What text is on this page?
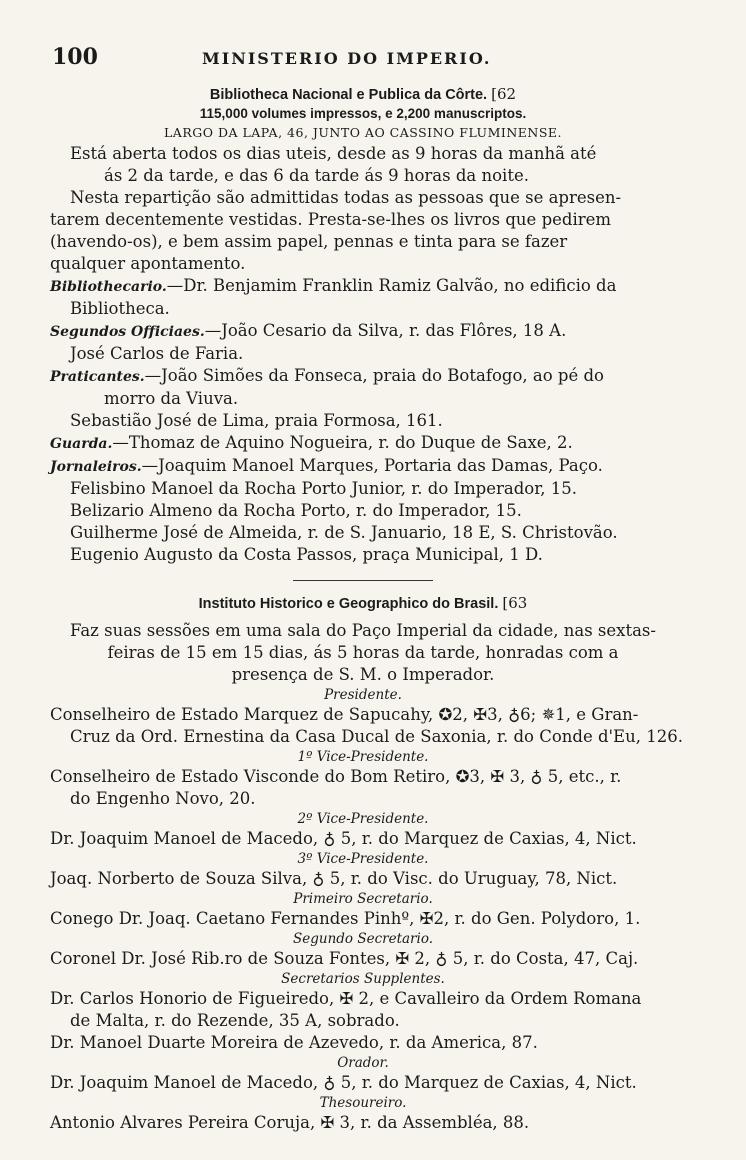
100	MINISTERIO DO IMPERIO.
Bibliotheca Nacional e Publica da Côrte. [62
115,000 volumes impressos, e 2,200 manuscriptos.
LARGO DA LAPA, 46, JUNTO AO CASSINO FLUMINENSE.
Está aberta todos os dias uteis, desde as 9 horas da manhã até
ás 2 da tarde, e das 6 da tarde ás 9 horas da noite.
Nesta repartição são admittidas todas as pessoas que se apresen-
tarem decentemente vestidas. Presta-se-lhes os livros que pedirem
(havendo-os), e bem assim papel, pennas e tinta para se fazer
qualquer apontamento.
Bibliothecario.—Dr. Benjamim Franklin Ramiz Galvão, no edificio da
Bibliotheca.
Segundos Officiaes.—João Cesario da Silva, r. das Flôres, 18 A.
José Carlos de Faria.
Praticantes.—João Simões da Fonseca, praia do Botafogo, ao pé do
morro da Viuva.
Sebastião José de Lima, praia Formosa, 161.
Guarda.—Thomaz de Aquino Nogueira, r. do Duque de Saxe, 2.
Jornaleiros.—Joaquim Manoel Marques, Portaria das Damas, Paço.
Felisbino Manoel da Rocha Porto Junior, r. do Imperador, 15.
Belizario Almeno da Rocha Porto, r. do Imperador, 15.
Guilherme José de Almeida, r. de S. Januario, 18 E, S. Christovão.
Eugenio Augusto da Costa Passos, praça Municipal, 1 D.
Instituto Historico e Geographico do Brasil. [63
Faz suas sessões em uma sala do Paço Imperial da cidade, nas sextas-
feiras de 15 em 15 dias, ás 5 horas da tarde, honradas com a
presença de S. M. o Imperador.
Presidente.
Conselheiro de Estado Marquez de Sapucahy, ✪2, ✠3, ♁6; ✵1, e Gran-
Cruz da Ord. Ernestina da Casa Ducal de Saxonia, r. do Conde d'Eu, 126.
1º Vice-Presidente.
Conselheiro de Estado Visconde do Bom Retiro, ✪3, ✠ 3, ♁ 5, etc., r.
do Engenho Novo, 20.
2º Vice-Presidente.
Dr. Joaquim Manoel de Macedo, ♁ 5, r. do Marquez de Caxias, 4, Nict.
3º Vice-Presidente.
Joaq. Norberto de Souza Silva, ♁ 5, r. do Visc. do Uruguay, 78, Nict.
Primeiro Secretario.
Conego Dr. Joaq. Caetano Fernandes Pinhº, ✠2, r. do Gen. Polydoro, 1.
Segundo Secretario.
Coronel Dr. José Rib.ro de Souza Fontes, ✠ 2, ♁ 5, r. do Costa, 47, Caj.
Secretarios Supplentes.
Dr. Carlos Honorio de Figueiredo, ✠ 2, e Cavalleiro da Ordem Romana
de Malta, r. do Rezende, 35 A, sobrado.
Dr. Manoel Duarte Moreira de Azevedo, r. da America, 87.
Orador.
Dr. Joaquim Manoel de Macedo, ♁ 5, r. do Marquez de Caxias, 4, Nict.
Thesoureiro.
Antonio Alvares Pereira Coruja, ✠ 3, r. da Assembléa, 88.
